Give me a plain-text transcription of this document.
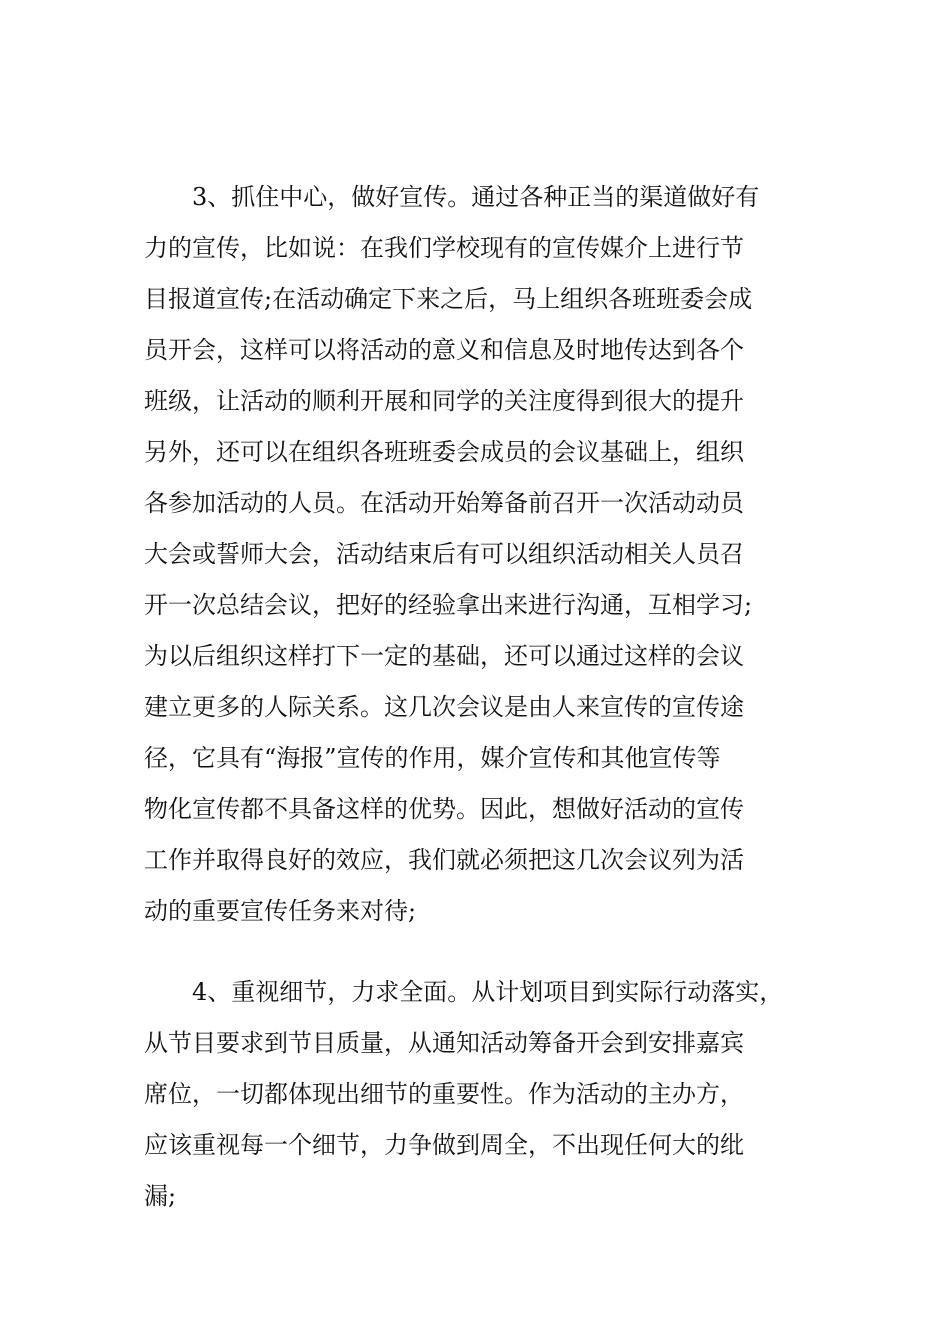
3、抓住中心，做好宣传。通过各种正当的渠道做好有
力的宣传，比如说：在我们学校现有的宣传媒介上进行节
目报道宣传;在活动确定下来之后，马上组织各班班委会成
员开会，这样可以将活动的意义和信息及时地传达到各个
班级，让活动的顺利开展和同学的关注度得到很大的提升
另外，还可以在组织各班班委会成员的会议基础上，组织
各参加活动的人员。在活动开始筹备前召开一次活动动员
大会或誓师大会，活动结束后有可以组织活动相关人员召
开一次总结会议，把好的经验拿出来进行沟通，互相学习;
为以后组织这样打下一定的基础，还可以通过这样的会议
建立更多的人际关系。这几次会议是由人来宣传的宣传途
径，它具有“海报”宣传的作用，媒介宣传和其他宣传等
物化宣传都不具备这样的优势。因此，想做好活动的宣传
工作并取得良好的效应，我们就必须把这几次会议列为活
动的重要宣传任务来对待;
4、重视细节，力求全面。从计划项目到实际行动落实，
从节目要求到节目质量，从通知活动筹备开会到安排嘉宾
席位，一切都体现出细节的重要性。作为活动的主办方，
应该重视每一个细节，力争做到周全，不出现任何大的纰
漏;
